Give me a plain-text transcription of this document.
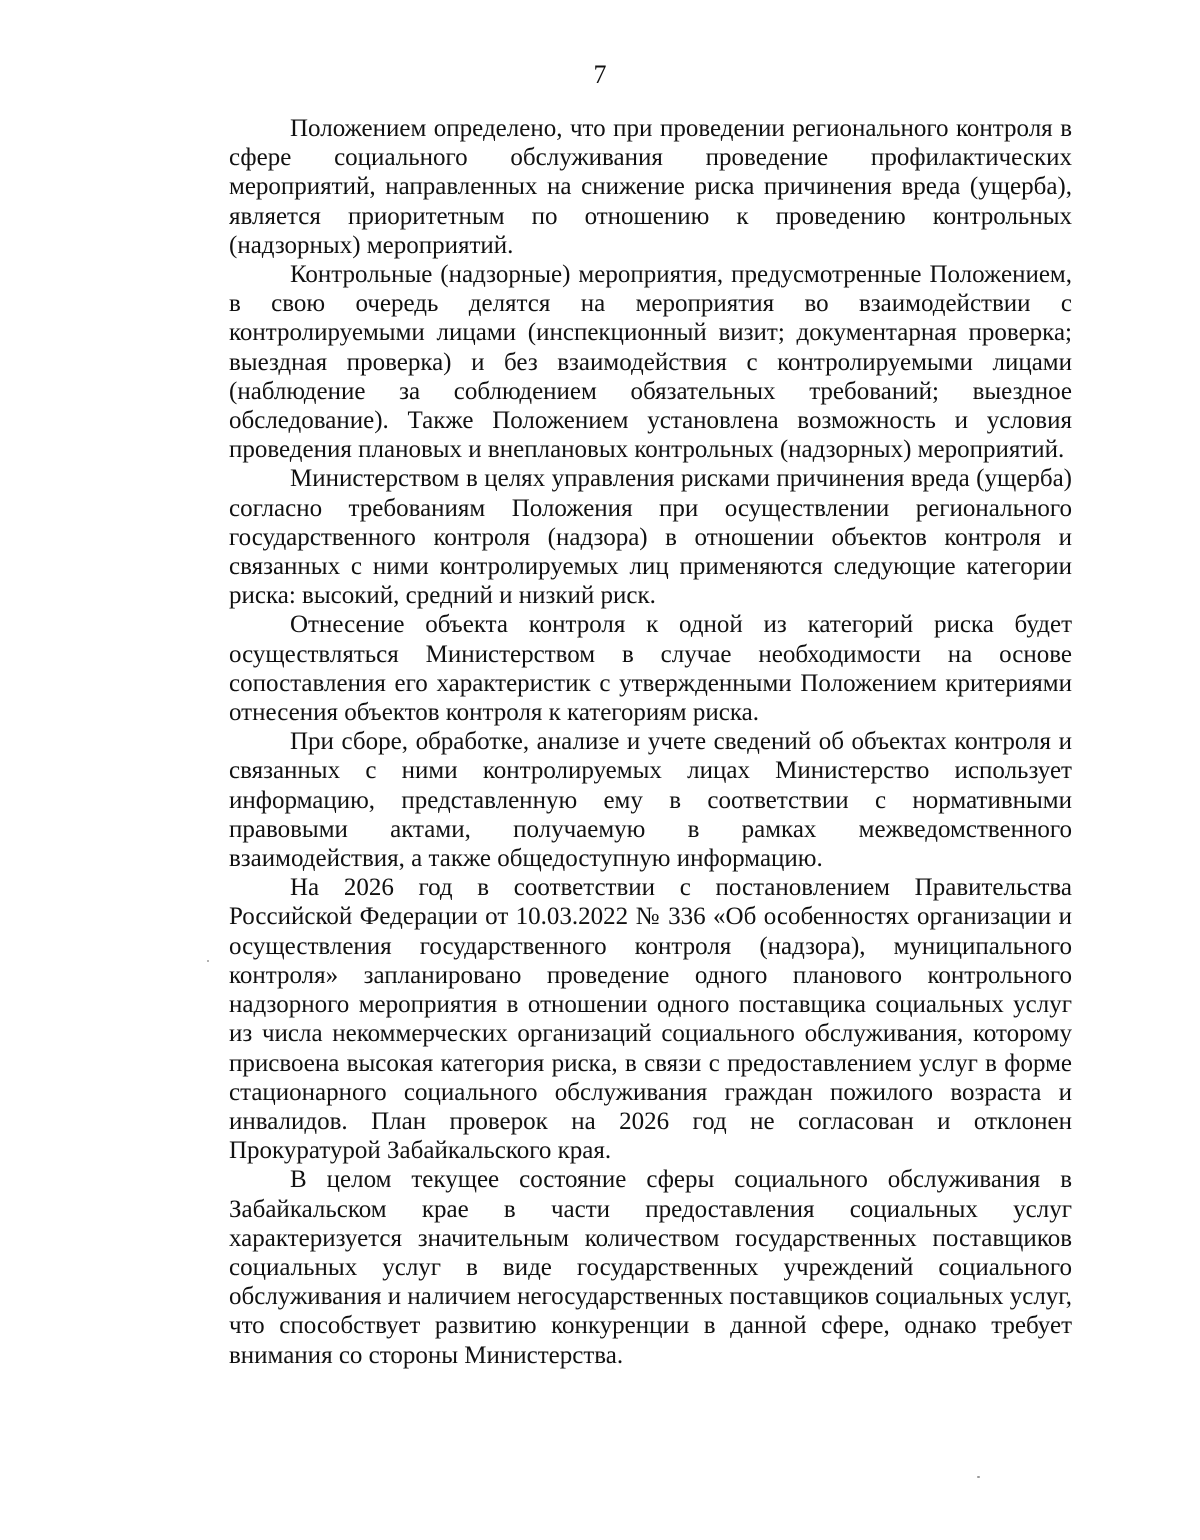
7

Положением определено, что при проведении регионального контроля в сфере социального обслуживания проведение профилактических мероприятий, направленных на снижение риска причинения вреда (ущерба), является приоритетным по отношению к проведению контрольных (надзорных) мероприятий.

Контрольные (надзорные) мероприятия, предусмотренные Положением, в свою очередь делятся на мероприятия во взаимодействии с контролируемыми лицами (инспекционный визит; документарная проверка; выездная проверка) и без взаимодействия с контролируемыми лицами (наблюдение за соблюдением обязательных требований; выездное обследование). Также Положением установлена возможность и условия проведения плановых и внеплановых контрольных (надзорных) мероприятий.

Министерством в целях управления рисками причинения вреда (ущерба) согласно требованиям Положения при осуществлении регионального государственного контроля (надзора) в отношении объектов контроля и связанных с ними контролируемых лиц применяются следующие категории риска: высокий, средний и низкий риск.

Отнесение объекта контроля к одной из категорий риска будет осуществляться Министерством в случае необходимости на основе сопоставления его характеристик с утвержденными Положением критериями отнесения объектов контроля к категориям риска.

При сборе, обработке, анализе и учете сведений об объектах контроля и связанных с ними контролируемых лицах Министерство использует информацию, представленную ему в соответствии с нормативными правовыми актами, получаемую в рамках межведомственного взаимодействия, а также общедоступную информацию.

На 2026 год в соответствии с постановлением Правительства Российской Федерации от 10.03.2022 № 336 «Об особенностях организации и осуществления государственного контроля (надзора), муниципального контроля» запланировано проведение одного планового контрольного надзорного мероприятия в отношении одного поставщика социальных услуг из числа некоммерческих организаций социального обслуживания, которому присвоена высокая категория риска, в связи с предоставлением услуг в форме стационарного социального обслуживания граждан пожилого возраста и инвалидов. План проверок на 2026 год не согласован и отклонен Прокуратурой Забайкальского края.

В целом текущее состояние сферы социального обслуживания в Забайкальском крае в части предоставления социальных услуг характеризуется значительным количеством государственных поставщиков социальных услуг в виде государственных учреждений социального обслуживания и наличием негосударственных поставщиков социальных услуг, что способствует развитию конкуренции в данной сфере, однако требует внимания со стороны Министерства.
